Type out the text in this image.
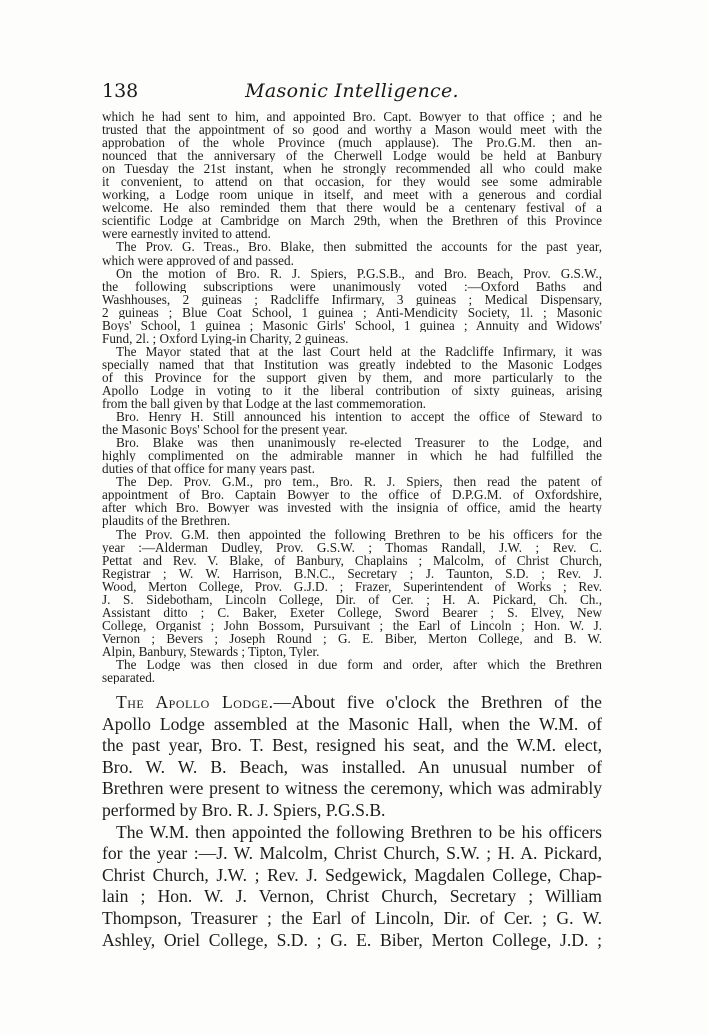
138	Masonic Intelligence.
which he had sent to him, and appointed Bro. Capt. Bowyer to that office ; and he
trusted that the appointment of so good and worthy a Mason would meet with the
approbation of the whole Province (much applause). The Pro.G.M. then an-
nounced that the anniversary of the Cherwell Lodge would be held at Banbury
on Tuesday the 21st instant, when he strongly recommended all who could make
it convenient, to attend on that occasion, for they would see some admirable
working, a Lodge room unique in itself, and meet with a generous and cordial
welcome. He also reminded them that there would be a centenary festival of a
scientific Lodge at Cambridge on March 29th, when the Brethren of this Province
were earnestly invited to attend.
The Prov. G. Treas., Bro. Blake, then submitted the accounts for the past year,
which were approved of and passed.
On the motion of Bro. R. J. Spiers, P.G.S.B., and Bro. Beach, Prov. G.S.W.,
the following subscriptions were unanimously voted :—Oxford Baths and
Washhouses, 2 guineas ; Radcliffe Infirmary, 3 guineas ; Medical Dispensary,
2 guineas ; Blue Coat School, 1 guinea ; Anti-Mendicity Society, 1l. ; Masonic
Boys' School, 1 guinea ; Masonic Girls' School, 1 guinea ; Annuity and Widows'
Fund, 2l. ; Oxford Lying-in Charity, 2 guineas.
The Mayor stated that at the last Court held at the Radcliffe Infirmary, it was
specially named that that Institution was greatly indebted to the Masonic Lodges
of this Province for the support given by them, and more particularly to the
Apollo Lodge in voting to it the liberal contribution of sixty guineas, arising
from the ball given by that Lodge at the last commemoration.
Bro. Henry H. Still announced his intention to accept the office of Steward to
the Masonic Boys' School for the present year.
Bro. Blake was then unanimously re-elected Treasurer to the Lodge, and
highly complimented on the admirable manner in which he had fulfilled the
duties of that office for many years past.
The Dep. Prov. G.M., pro tem., Bro. R. J. Spiers, then read the patent of
appointment of Bro. Captain Bowyer to the office of D.P.G.M. of Oxfordshire,
after which Bro. Bowyer was invested with the insignia of office, amid the hearty
plaudits of the Brethren.
The Prov. G.M. then appointed the following Brethren to be his officers for the
year :—Alderman Dudley, Prov. G.S.W. ; Thomas Randall, J.W. ; Rev. C.
Pettat and Rev. V. Blake, of Banbury, Chaplains ; Malcolm, of Christ Church,
Registrar ; W. W. Harrison, B.N.C., Secretary ; J. Taunton, S.D. ; Rev. J.
Wood, Merton College, Prov. G.J.D. ; Frazer, Superintendent of Works ; Rev.
J. S. Sidebotham, Lincoln College, Dir. of Cer. ; H. A. Pickard, Ch. Ch.,
Assistant ditto ; C. Baker, Exeter College, Sword Bearer ; S. Elvey, New
College, Organist ; John Bossom, Pursuivant ; the Earl of Lincoln ; Hon. W. J.
Vernon ; Bevers ; Joseph Round ; G. E. Biber, Merton College, and B. W.
Alpin, Banbury, Stewards ; Tipton, Tyler.
The Lodge was then closed in due form and order, after which the Brethren
separated.
The Apollo Lodge.—About five o'clock the Brethren of the
Apollo Lodge assembled at the Masonic Hall, when the W.M. of
the past year, Bro. T. Best, resigned his seat, and the W.M. elect,
Bro. W. W. B. Beach, was installed. An unusual number of
Brethren were present to witness the ceremony, which was admirably
performed by Bro. R. J. Spiers, P.G.S.B.
The W.M. then appointed the following Brethren to be his officers
for the year :—J. W. Malcolm, Christ Church, S.W. ; H. A. Pickard,
Christ Church, J.W. ; Rev. J. Sedgewick, Magdalen College, Chap-
lain ; Hon. W. J. Vernon, Christ Church, Secretary ; William
Thompson, Treasurer ; the Earl of Lincoln, Dir. of Cer. ; G. W.
Ashley, Oriel College, S.D. ; G. E. Biber, Merton College, J.D. ;
